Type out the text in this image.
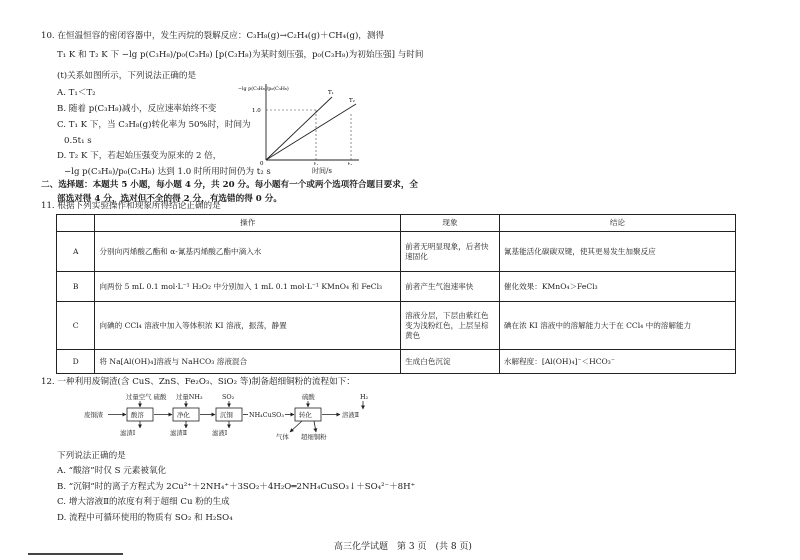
10. 在恒温恒容的密闭容器中，发生丙烷的裂解反应：C₃H₈(g)→C₂H₄(g)＋CH₄(g)，测得
T₁ K 和 T₂ K 下 −lg p(C₃H₈)/p₀(C₃H₈) [p(C₃H₈)为某时刻压强，p₀(C₃H₈)为初始压强] 与时间
(t)关系如图所示，下列说法正确的是
A. T₁＜T₂
B. 随着 p(C₃H₈)减小，反应速率始终不变
C. T₁ K 下，当 C₃H₈(g)转化率为 50%时，时间为
0.5t₁ s
D. T₂ K 下，若起始压强变为原来的 2 倍，
−lg p(C₃H₈)/p₀(C₃H₈) 达到 1.0 时所用时间仍为 t₂ s
−lg p(C₃H₈)/p₀(C₃H₈)
1.0
0	t₁	t₂
T₁
T₂
时间/s
二、选择题：本题共 5 小题，每小题 4 分，共 20 分。每小题有一个或两个选项符合题目要求，全
部选对得 4 分，选对但不全的得 2 分，有选错的得 0 分。
11. 根据下列实验操作和现象所得结论正确的是
	操作	现象	结论
A	分别向丙烯酸乙酯和 α-氰基丙烯酸乙酯中滴入水	前者无明显现象，后者快速固化	氰基能活化碳碳双键，使其更易发生加聚反应
B	向两份 5 mL 0.1 mol·L⁻¹ H₂O₂ 中分别加入 1 mL 0.1 mol·L⁻¹ KMnO₄ 和 FeCl₃	前者产生气泡速率快	催化效果：KMnO₄＞FeCl₃
C	向碘的 CCl₄ 溶液中加入等体积浓 KI 溶液，振荡，静置	溶液分层，下层由紫红色变为浅粉红色，上层呈棕黄色	碘在浓 KI 溶液中的溶解能力大于在 CCl₄ 中的溶解能力
D	将 Na[Al(OH)₄]溶液与 NaHCO₃ 溶液混合	生成白色沉淀	水解程度：[Al(OH)₄]⁻＜HCO₃⁻
12. 一种利用废铜渣(含 CuS、ZnS、Fe₂O₃、SiO₂ 等)制备超细铜粉的流程如下：
过量空气 硫酸 过量NH₃	SO₂	硫酸	H₂
废铜渣	酸溶	净化	沉铜	NH₄CuSO₃ 转化	溶液Ⅱ
滤渣Ⅰ	滤渣Ⅱ	滤液Ⅰ	气体 超细铜粉
下列说法正确的是
A. “酸溶”时仅 S 元素被氧化
B. “沉铜”时的离子方程式为 2Cu²⁺＋2NH₄⁺＋3SO₂＋4H₂O═2NH₄CuSO₃↓＋SO₄²⁻＋8H⁺
C. 增大溶液Ⅱ的浓度有利于超细 Cu 粉的生成
D. 流程中可循环使用的物质有 SO₂ 和 H₂SO₄
高三化学试题　第 3 页　(共 8 页)
